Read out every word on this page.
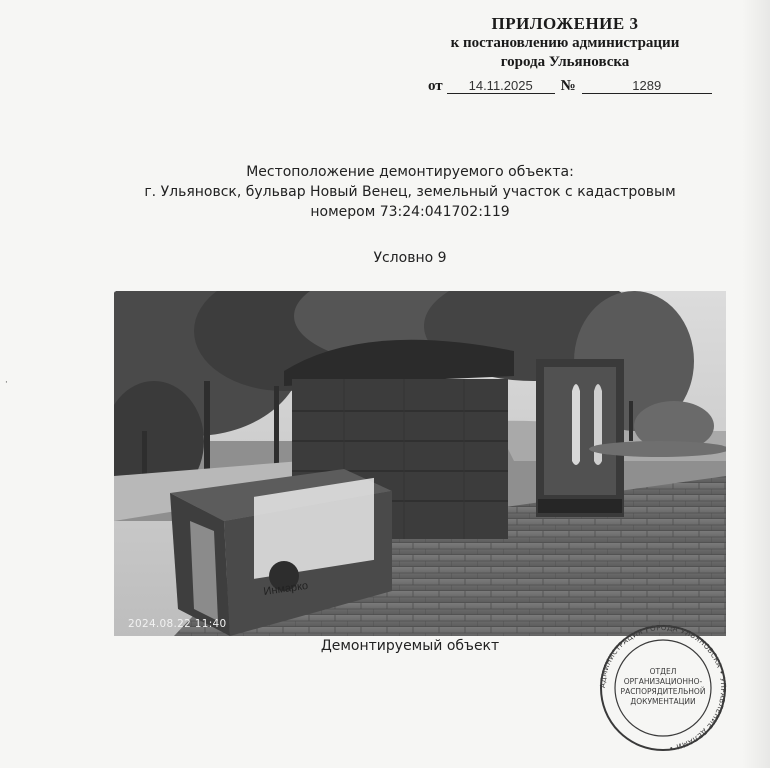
·
ПРИЛОЖЕНИЕ 3
к постановлению администрации
города Ульяновска
от 14.11.2025 №	1289
Местоположение демонтируемого объекта:
г. Ульяновск, бульвар Новый Венец, земельный участок с кадастровым
номером 73:24:041702:119
Условно 9
Инмарко
2024.08.22 11:40
Демонтируемый объект
АДМИНИСТРАЦИЯ ГОРОДА УЛЬЯНОВСКА • УПРАВЛЕНИЕ ДЕЛАМИ •
ОТДЕЛ
ОРГАНИЗАЦИОННО-
РАСПОРЯДИТЕЛЬНОЙ
ДОКУМЕНТАЦИИ
